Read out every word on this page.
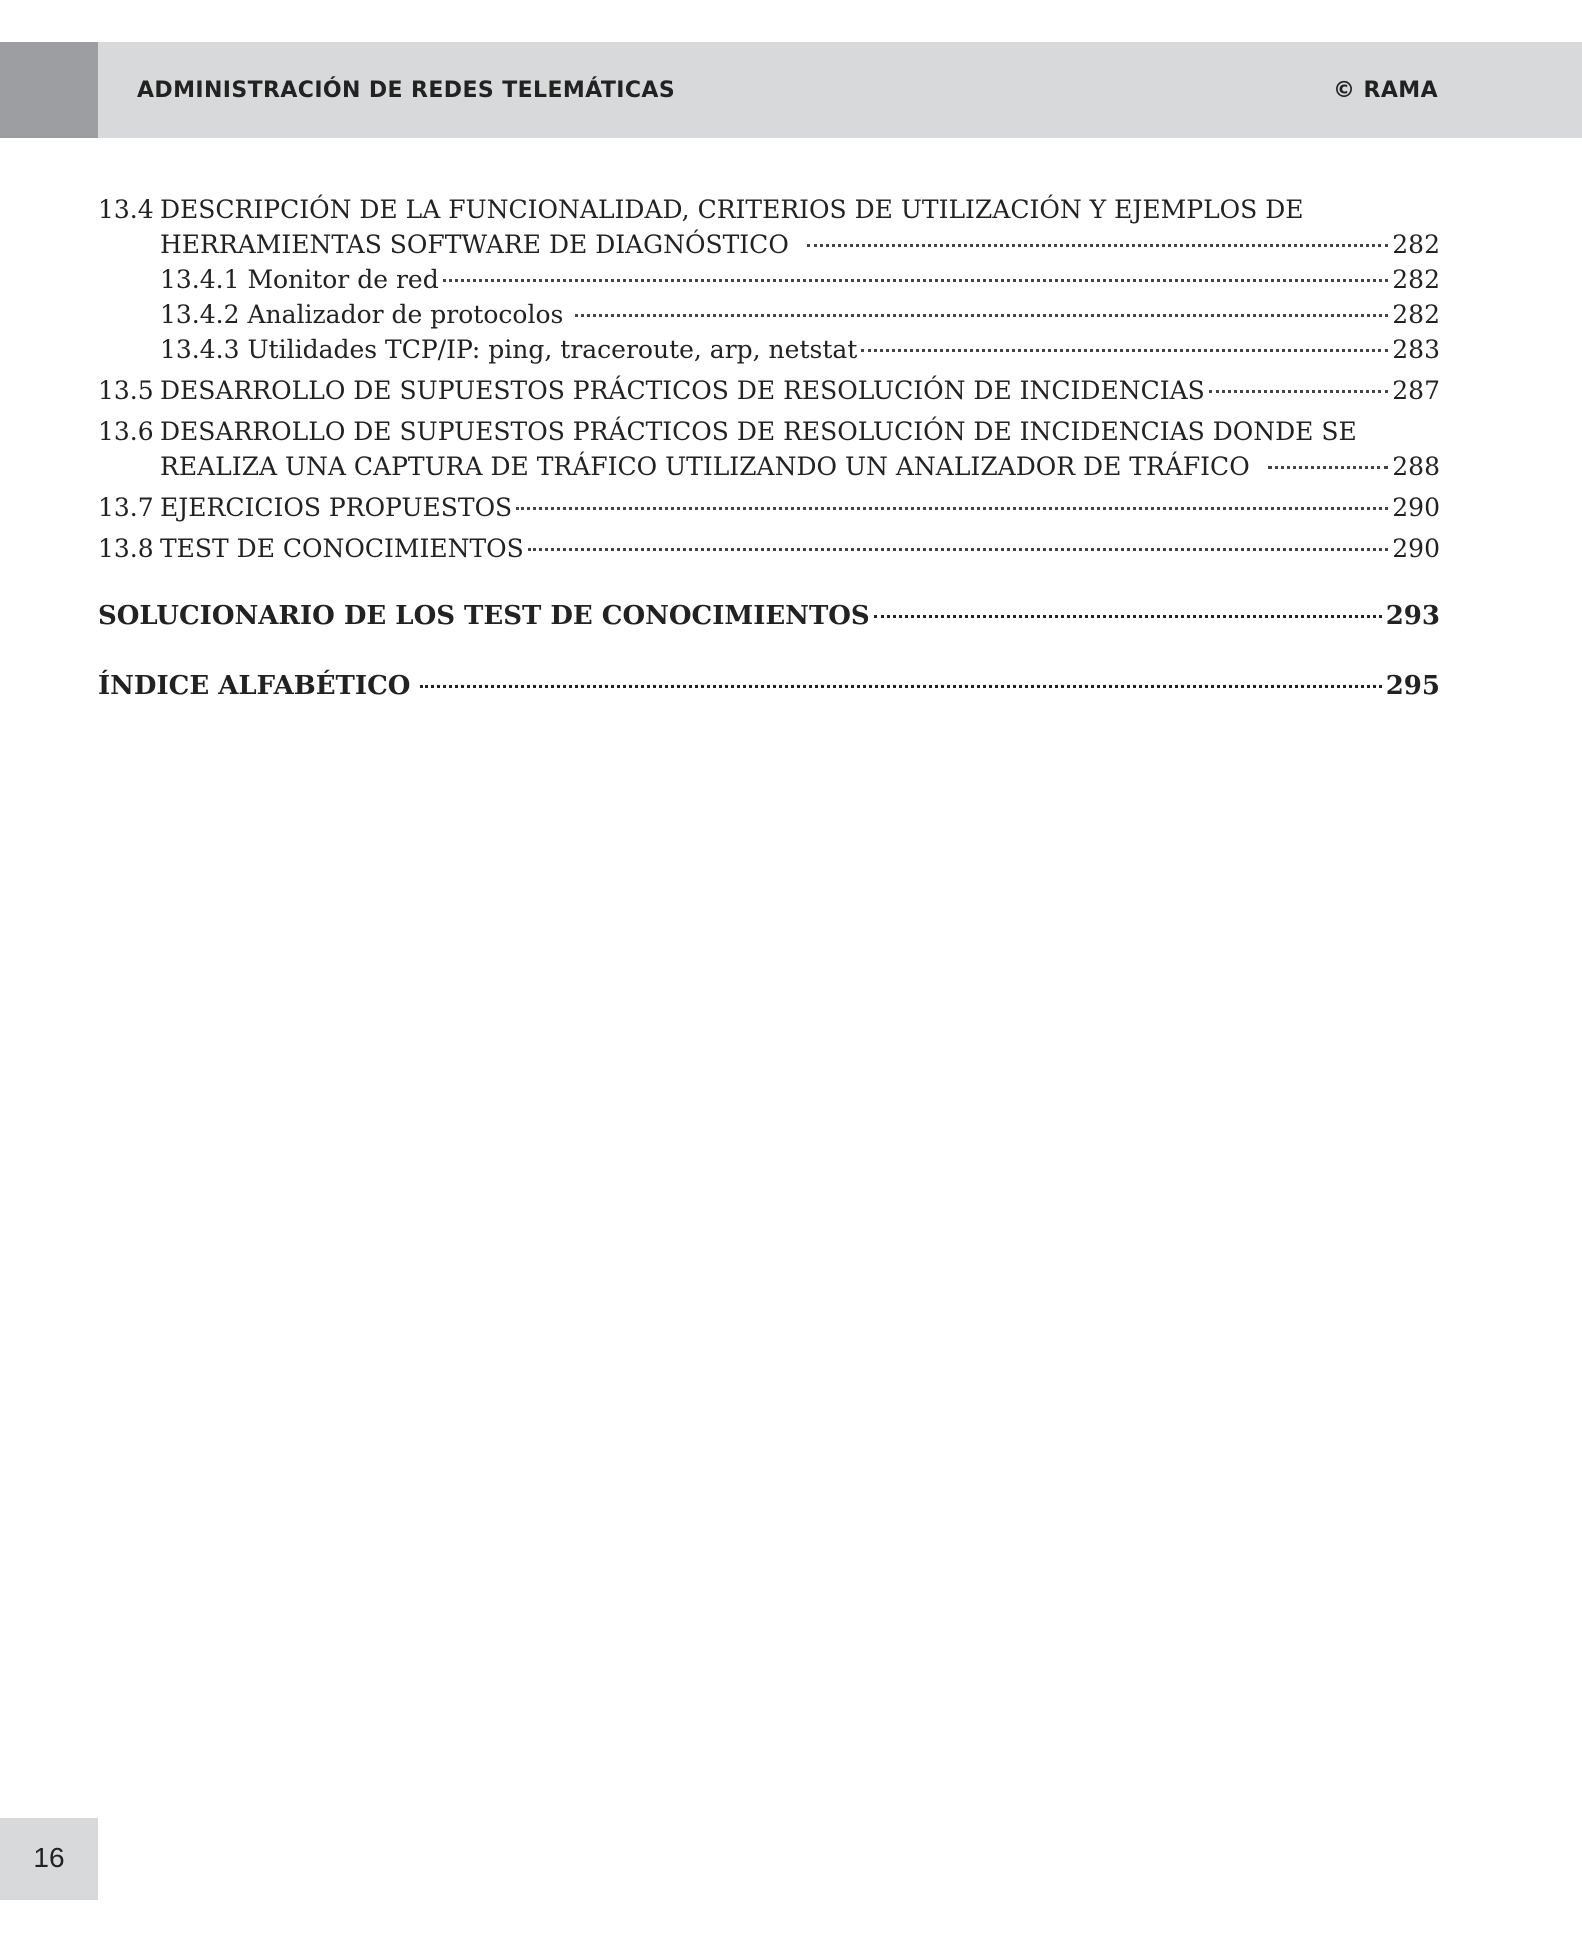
ADMINISTRACIÓN DE REDES TELEMÁTICAS	© RAMA
13.4 DESCRIPCIÓN DE LA FUNCIONALIDAD, CRITERIOS DE UTILIZACIÓN Y EJEMPLOS DE
HERRAMIENTAS SOFTWARE DE DIAGNÓSTICO	282
13.4.1 Monitor de red	282
13.4.2 Analizador de protocolos	282
13.4.3 Utilidades TCP/IP: ping, traceroute, arp, netstat	283
13.5 DESARROLLO DE SUPUESTOS PRÁCTICOS DE RESOLUCIÓN DE INCIDENCIAS	287
13.6 DESARROLLO DE SUPUESTOS PRÁCTICOS DE RESOLUCIÓN DE INCIDENCIAS DONDE SE
REALIZA UNA CAPTURA DE TRÁFICO UTILIZANDO UN ANALIZADOR DE TRÁFICO	288
13.7 EJERCICIOS PROPUESTOS	290
13.8 TEST DE CONOCIMIENTOS	290
SOLUCIONARIO DE LOS TEST DE CONOCIMIENTOS	293
ÍNDICE ALFABÉTICO	295
16
